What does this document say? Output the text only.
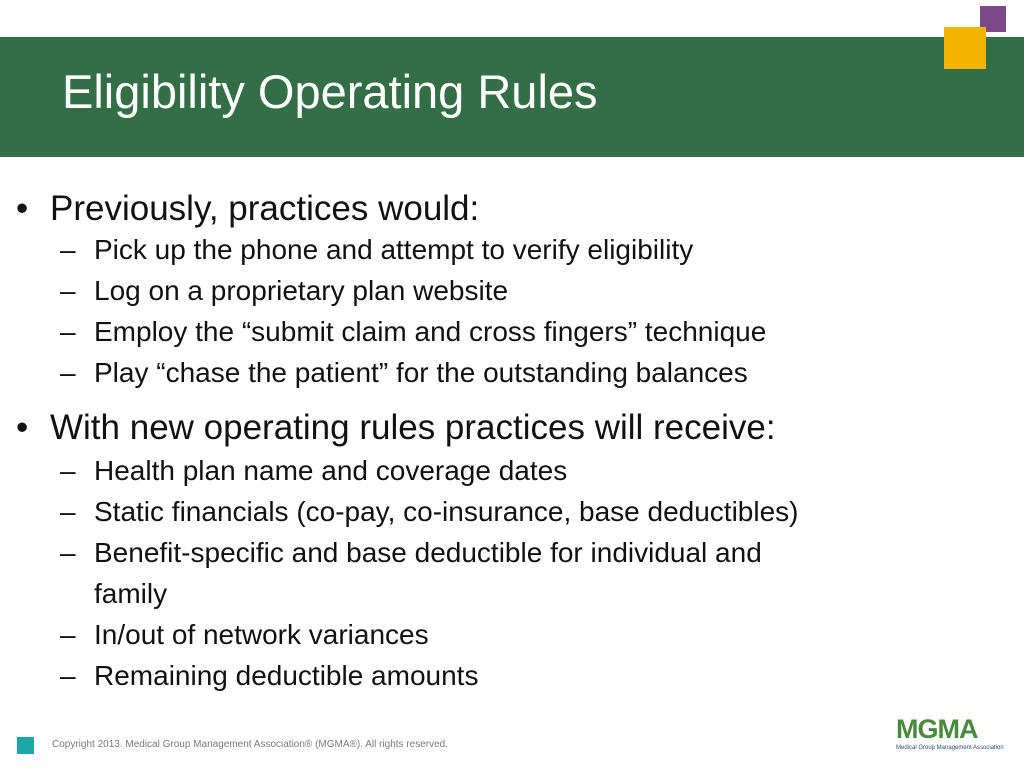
Eligibility Operating Rules
• Previously, practices would:
– Pick up the phone and attempt to verify eligibility
– Log on a proprietary plan website
– Employ the “submit claim and cross fingers” technique
– Play “chase the patient” for the outstanding balances
• With new operating rules practices will receive:
– Health plan name and coverage dates
– Static financials (co-pay, co-insurance, base deductibles)
– Benefit-specific and base deductible for individual and
family
– In/out of network variances
– Remaining deductible amounts
Copyright 2013. Medical Group Management Association® (MGMA®). All rights reserved.
MGMA
Medical Group Management Association
